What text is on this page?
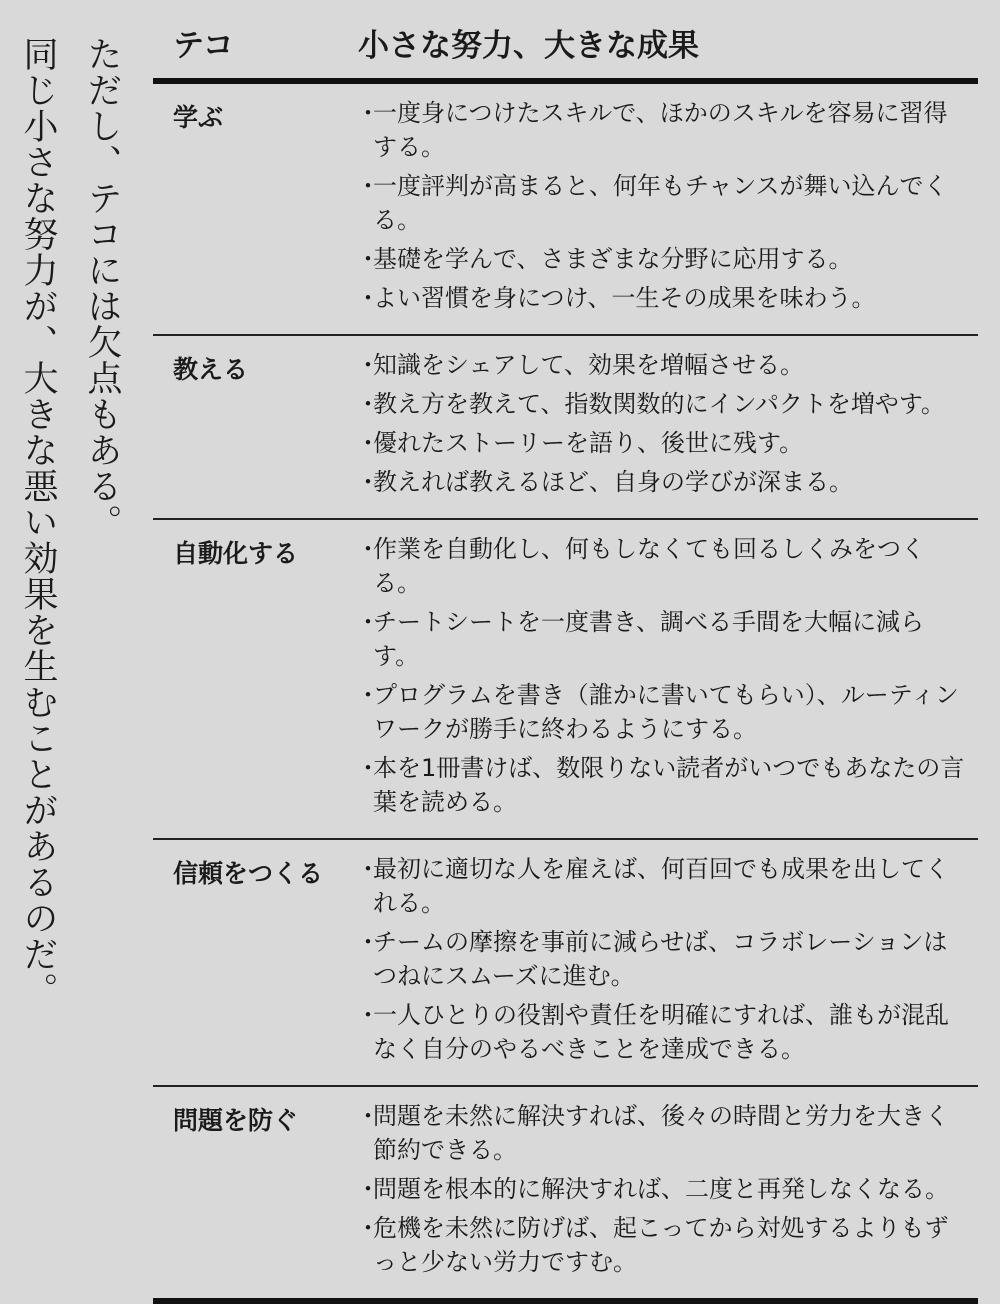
同じ小さな努力が、大きな悪い効果を生むことがあるのだ。 ただし、テコには欠点もある。 テコ	小さな努力、大きな成果
学ぶ	・
一度身につけたスキルで、ほかのスキルを容易に習得する。
・
一度評判が高まると、何年もチャンスが舞い込んでくる。
・
基礎を学んで、さまざまな分野に応用する。
・
よい習慣を身につけ、一生その成果を味わう。
教える	・
知識をシェアして、効果を増幅させる。
・
教え方を教えて、指数関数的にインパクトを増やす。
・
優れたストーリーを語り、後世に残す。
・
教えれば教えるほど、自身の学びが深まる。
自動化する	・
作業を自動化し、何もしなくても回るしくみをつくる。
・
チートシートを一度書き、調べる手間を大幅に減らす。
・
プログラムを書き（誰かに書いてもらい）、ルーティンワークが勝手に終わるようにする。
・
本を1冊書けば、数限りない読者がいつでもあなたの言葉を読める。
信頼をつくる	・
最初に適切な人を雇えば、何百回でも成果を出してくれる。
・
チームの摩擦を事前に減らせば、コラボレーションはつねにスムーズに進む。
・
一人ひとりの役割や責任を明確にすれば、誰もが混乱なく自分のやるべきことを達成できる。
問題を防ぐ	・
問題を未然に解決すれば、後々の時間と労力を大きく節約できる。
・
問題を根本的に解決すれば、二度と再発しなくなる。
・
危機を未然に防げば、起こってから対処するよりもずっと少ない労力ですむ。
